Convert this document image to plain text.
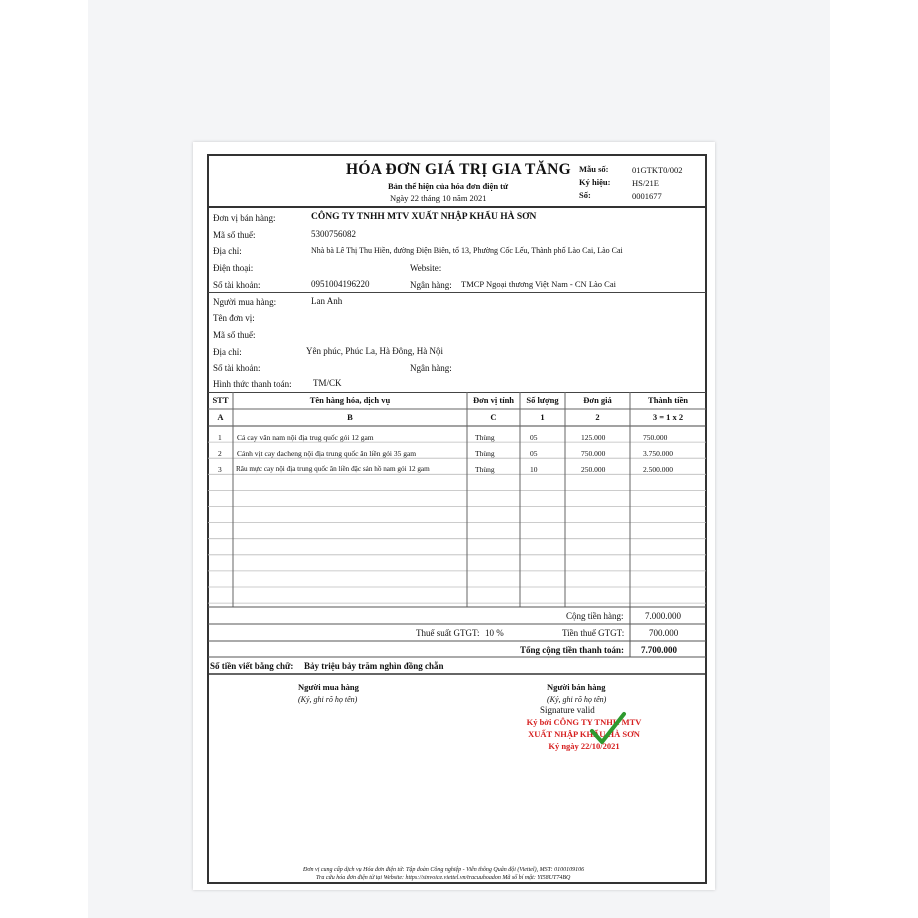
HÓA ĐƠN GIÁ TRỊ GIA TĂNG
Bản thể hiện của hóa đơn điện tử
Ngày 22 tháng 10 năm 2021
Mẫu số:	01GTKT0/002
Ký hiệu:	HS/21E
Số:	0001677
Đơn vị bán hàng:	CÔNG TY TNHH MTV XUẤT NHẬP KHẨU HÀ SƠN
Mã số thuế:	5300756082
Địa chỉ:	Nhà bà Lê Thị Thu Hiền, đường Điện Biên, tổ 13, Phường Cốc Lếu, Thành phố Lào Cai, Lào Cai
Điện thoại:	Website:
Số tài khoản:	0951004196220	Ngân hàng: TMCP Ngoại thương Việt Nam - CN Lào Cai
Người mua hàng:	Lan Anh
Tên đơn vị:
Mã số thuế:
Địa chỉ:	Yên phúc, Phúc La, Hà Đông, Hà Nội
Số tài khoản:	Ngân hàng:
Hình thức thanh toán: TM/CK
STT	Tên hàng hóa, dịch vụ	Đơn vị tính	Số lượng	Đơn giá	Thành tiền
A	B	C	1	2	3 = 1 x 2
1 Cá cay vân nam nội địa trug quốc gói 12 gam	Thùng	05	125.000	750.000
2 Cánh vịt cay dacheng nội địa trung quốc ăn liền gói 35 gam	Thùng	05	750.000	3.750.000
3 Râu mực cay nội địa trung quốc ăn liền đặc sản hồ nam gói 12 gam	Thùng	10	250.000	2.500.000
Cộng tiền hàng: 7.000.000
Thuế suất GTGT: 10 %	Tiền thuế GTGT:	700.000
Tổng cộng tiền thanh toán: 7.700.000
Số tiền viết bằng chữ: Bảy triệu bảy trăm nghìn đồng chẵn
Người mua hàng
(Ký, ghi rõ họ tên)
Người bán hàng
(Ký, ghi rõ họ tên)
Signature valid
Ký bởi CÔNG TY TNHH MTV
XUẤT NHẬP KHẨU HÀ SƠN
Ký ngày 22/10/2021
Đơn vị cung cấp dịch vụ Hóa đơn điện tử: Tập đoàn Công nghiệp - Viễn thông Quân đội (Viettel), MST: 0100109106
Tra cứu hóa đơn điện tử tại Website: https://sinvoice.viettel.vn/tracuuhoadon Mã số bí mật: YI58UT74BQ
